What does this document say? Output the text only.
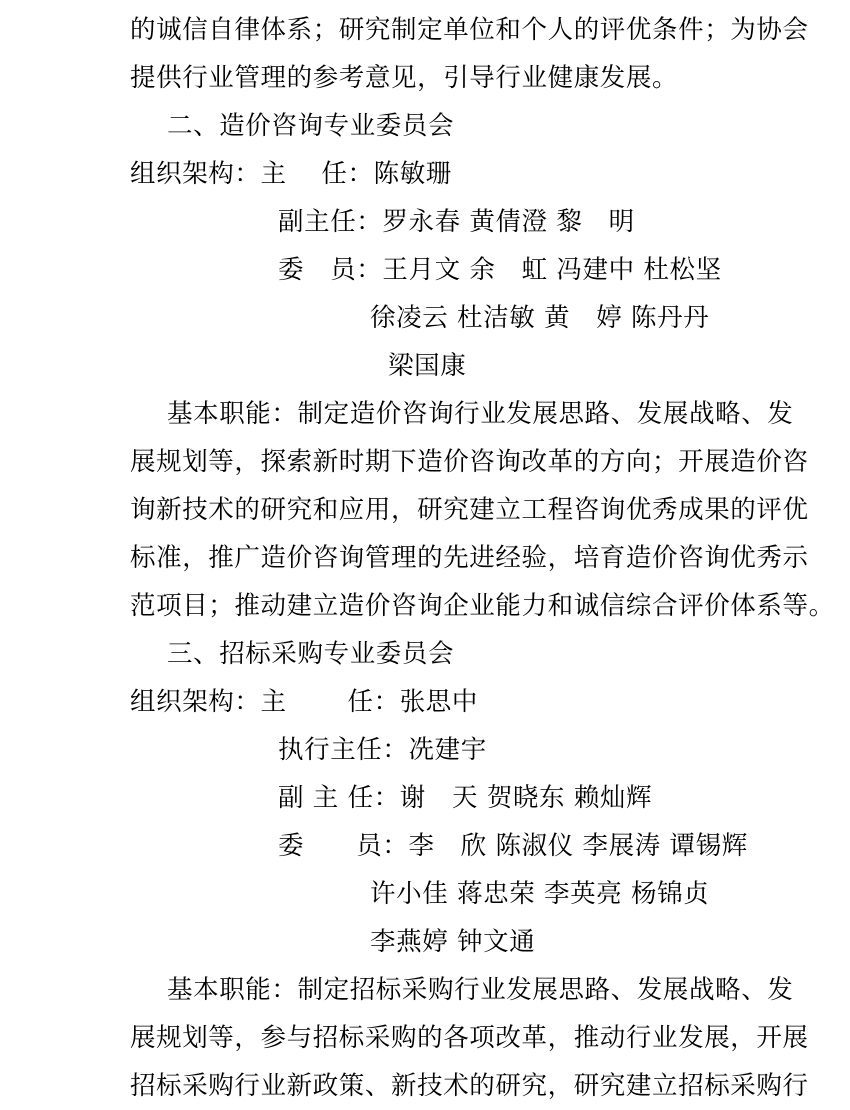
的诚信自律体系；研究制定单位和个人的评优条件；为协会
提供行业管理的参考意见，引导行业健康发展。
二、造价咨询专业委员会
组织架构：主　 任：陈敏珊
副主任：罗永春 黄倩澄 黎　明
委　员：王月文 余　虹 冯建中 杜松坚
徐凌云 杜洁敏 黄　婷 陈丹丹
梁国康
基本职能：制定造价咨询行业发展思路、发展战略、发
展规划等，探索新时期下造价咨询改革的方向；开展造价咨
询新技术的研究和应用，研究建立工程咨询优秀成果的评优
标准，推广造价咨询管理的先进经验，培育造价咨询优秀示
范项目；推动建立造价咨询企业能力和诚信综合评价体系等。
三、招标采购专业委员会
组织架构：主　　 任：张思中
执行主任：冼建宇
副 主 任：谢　天 贺晓东 赖灿辉
委　　员：李　欣 陈淑仪 李展涛 谭锡辉
许小佳 蒋忠荣 李英亮 杨锦贞
李燕婷 钟文通
基本职能：制定招标采购行业发展思路、发展战略、发
展规划等，参与招标采购的各项改革，推动行业发展，开展
招标采购行业新政策、新技术的研究，研究建立招标采购行
